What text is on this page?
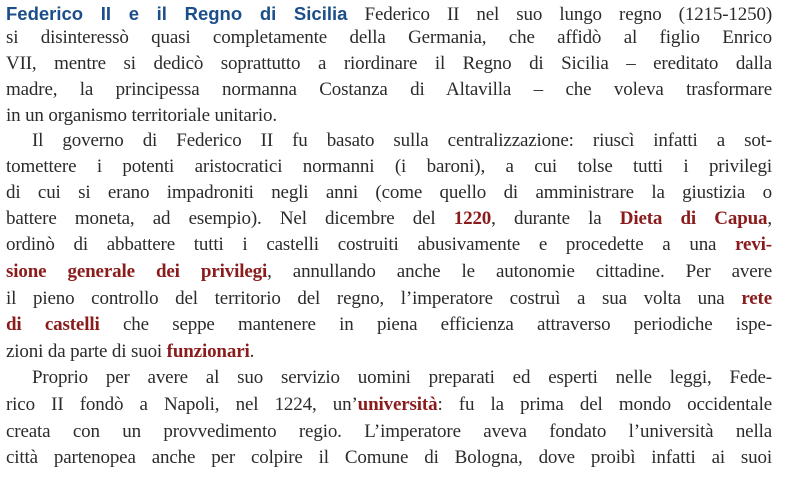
Federico II e il Regno di Sicilia Federico II nel suo lungo regno (1215-1250)
si disinteressò quasi completamente della Germania, che affidò al figlio Enrico
VII, mentre si dedicò soprattutto a riordinare il Regno di Sicilia – ereditato dalla
madre, la principessa normanna Costanza di Altavilla – che voleva trasformare
in un organismo territoriale unitario.
Il governo di Federico II fu basato sulla centralizzazione: riuscì infatti a sot-
tomettere i potenti aristocratici normanni (i baroni), a cui tolse tutti i privilegi
di cui si erano impadroniti negli anni (come quello di amministrare la giustizia o
battere moneta, ad esempio). Nel dicembre del 1220, durante la Dieta di Capua,
ordinò di abbattere tutti i castelli costruiti abusivamente e procedette a una revi-
sione generale dei privilegi, annullando anche le autonomie cittadine. Per avere
il pieno controllo del territorio del regno, l’imperatore costruì a sua volta una rete
di castelli che seppe mantenere in piena efficienza attraverso periodiche ispe-
zioni da parte di suoi funzionari.
Proprio per avere al suo servizio uomini preparati ed esperti nelle leggi, Fede-
rico II fondò a Napoli, nel 1224, un’università: fu la prima del mondo occidentale
creata con un provvedimento regio. L’imperatore aveva fondato l’università nella
città partenopea anche per colpire il Comune di Bologna, dove proibì infatti ai suoi
